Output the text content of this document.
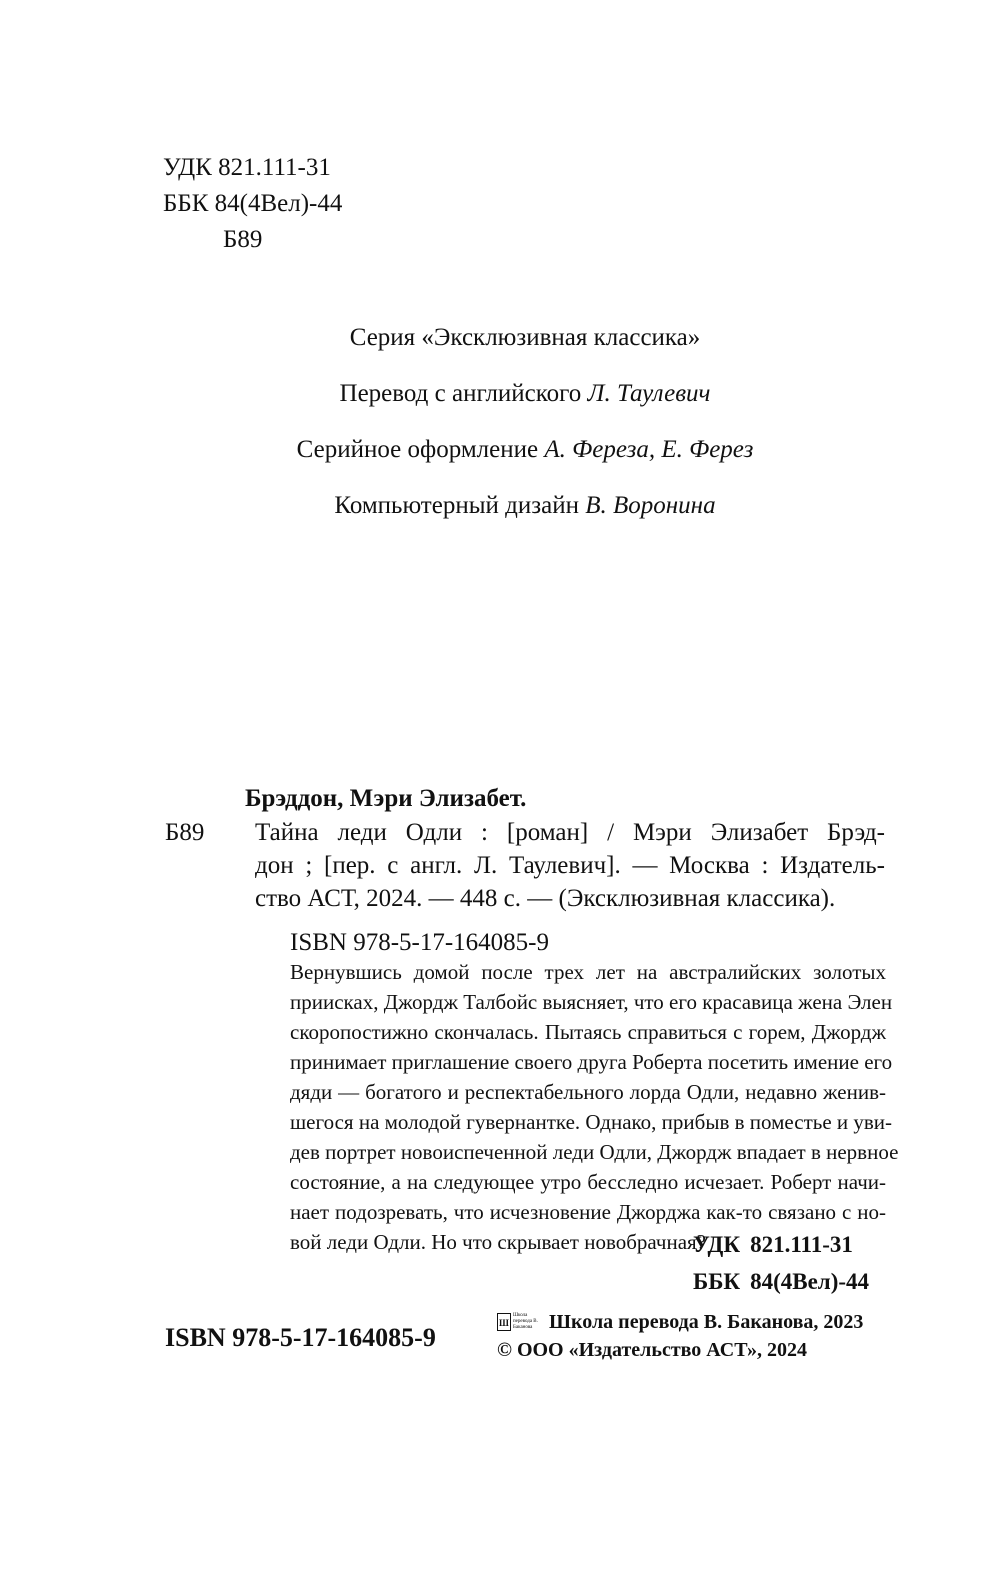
УДК 821.111-31
ББК 84(4Вел)-44
Б89
Серия «Эксклюзивная классика»
Перевод с английского Л. Таулевич
Серийное оформление А. Фереза, Е. Ферез
Компьютерный дизайн В. Воронина
Брэддон, Мэри Элизабет.
Б89 Тайна леди Одли : [роман] / Мэри Элизабет Брэд-
дон ; [пер. с англ. Л. Таулевич]. — Москва : Издатель-
ство АСТ, 2024. — 448 с. — (Эксклюзивная классика).
ISBN 978-5-17-164085-9
Вернувшись домой после трех лет на австралийских золотых
приисках, Джордж Талбойс выясняет, что его красавица жена Элен
скоропостижно скончалась. Пытаясь справиться с горем, Джордж
принимает приглашение своего друга Роберта посетить имение его
дяди — богатого и респектабельного лорда Одли, недавно женив-
шегося на молодой гувернантке. Однако, прибыв в поместье и уви-
дев портрет новоиспеченной леди Одли, Джордж впадает в нервное
состояние, а на следующее утро бесследно исчезает. Роберт начи-
нает подозревать, что исчезновение Джорджа как-то связано с но-
вой леди Одли. Но что скрывает новобрачная?
УДК 821.111-31
ББК 84(4Вел)-44
ISBN 978-5-17-164085-9	Ш
Школа перевода В. Баканова Школа перевода В. Баканова, 2023
© ООО «Издательство АСТ», 2024
